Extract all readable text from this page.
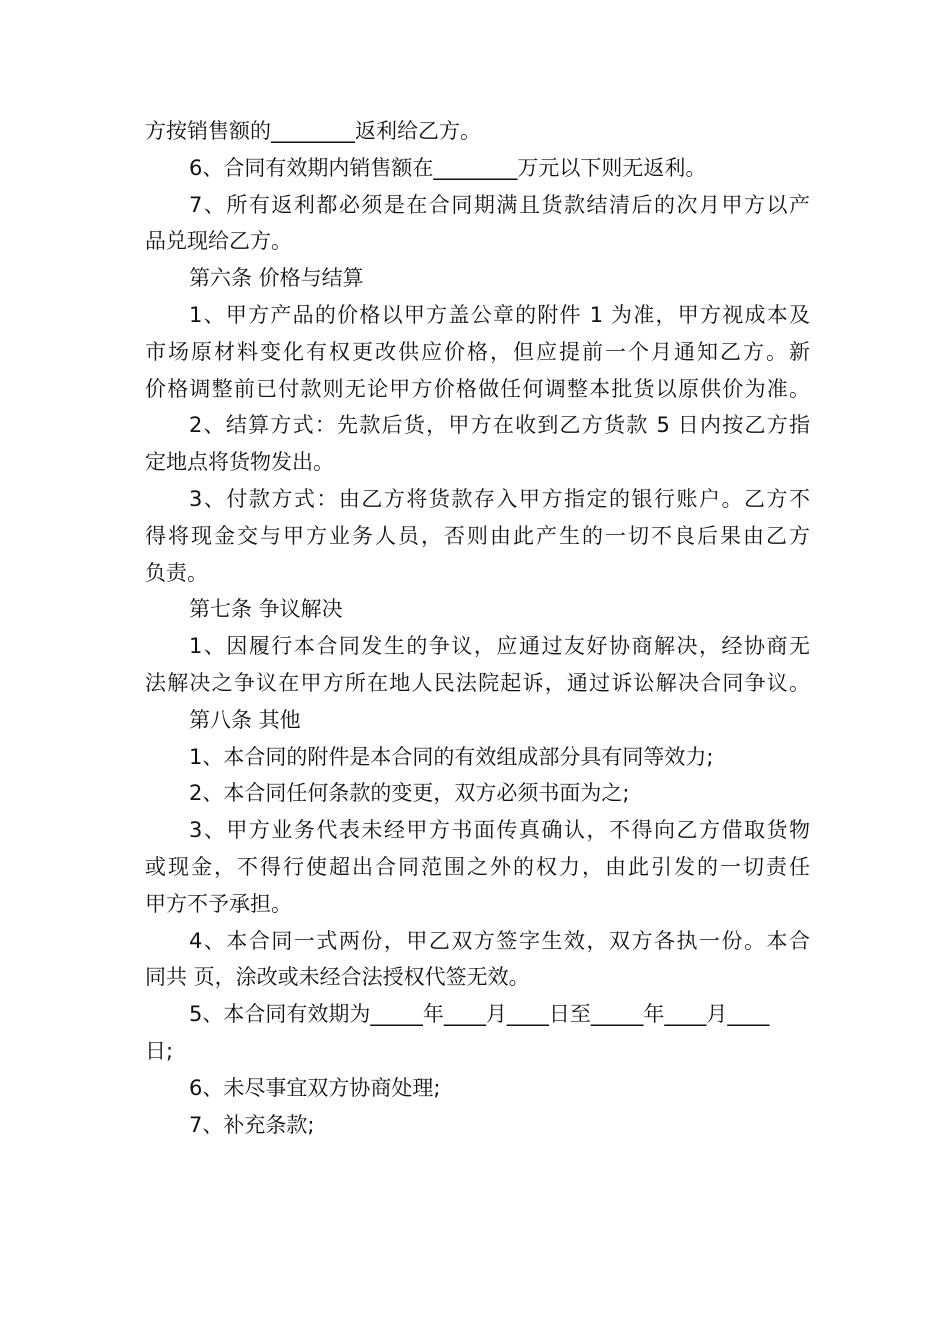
方按销售额的________返利给乙方。
6、合同有效期内销售额在________万元以下则无返利。
7、所有返利都必须是在合同期满且货款结清后的次月甲方以产
品兑现给乙方。
第六条 价格与结算
1、甲方产品的价格以甲方盖公章的附件 1 为准，甲方视成本及
市场原材料变化有权更改供应价格，但应提前一个月通知乙方。新
价格调整前已付款则无论甲方价格做任何调整本批货以原供价为准。
2、结算方式：先款后货，甲方在收到乙方货款 5 日内按乙方指
定地点将货物发出。
3、付款方式：由乙方将货款存入甲方指定的银行账户。乙方不
得将现金交与甲方业务人员，否则由此产生的一切不良后果由乙方
负责。
第七条 争议解决
1、因履行本合同发生的争议，应通过友好协商解决，经协商无
法解决之争议在甲方所在地人民法院起诉，通过诉讼解决合同争议。
第八条 其他
1、本合同的附件是本合同的有效组成部分具有同等效力;
2、本合同任何条款的变更，双方必须书面为之;
3、甲方业务代表未经甲方书面传真确认，不得向乙方借取货物
或现金，不得行使超出合同范围之外的权力，由此引发的一切责任
甲方不予承担。
4、本合同一式两份，甲乙双方签字生效，双方各执一份。本合
同共 页，涂改或未经合法授权代签无效。
5、本合同有效期为_____年____月____日至_____年____月____
日;
6、未尽事宜双方协商处理;
7、补充条款;
